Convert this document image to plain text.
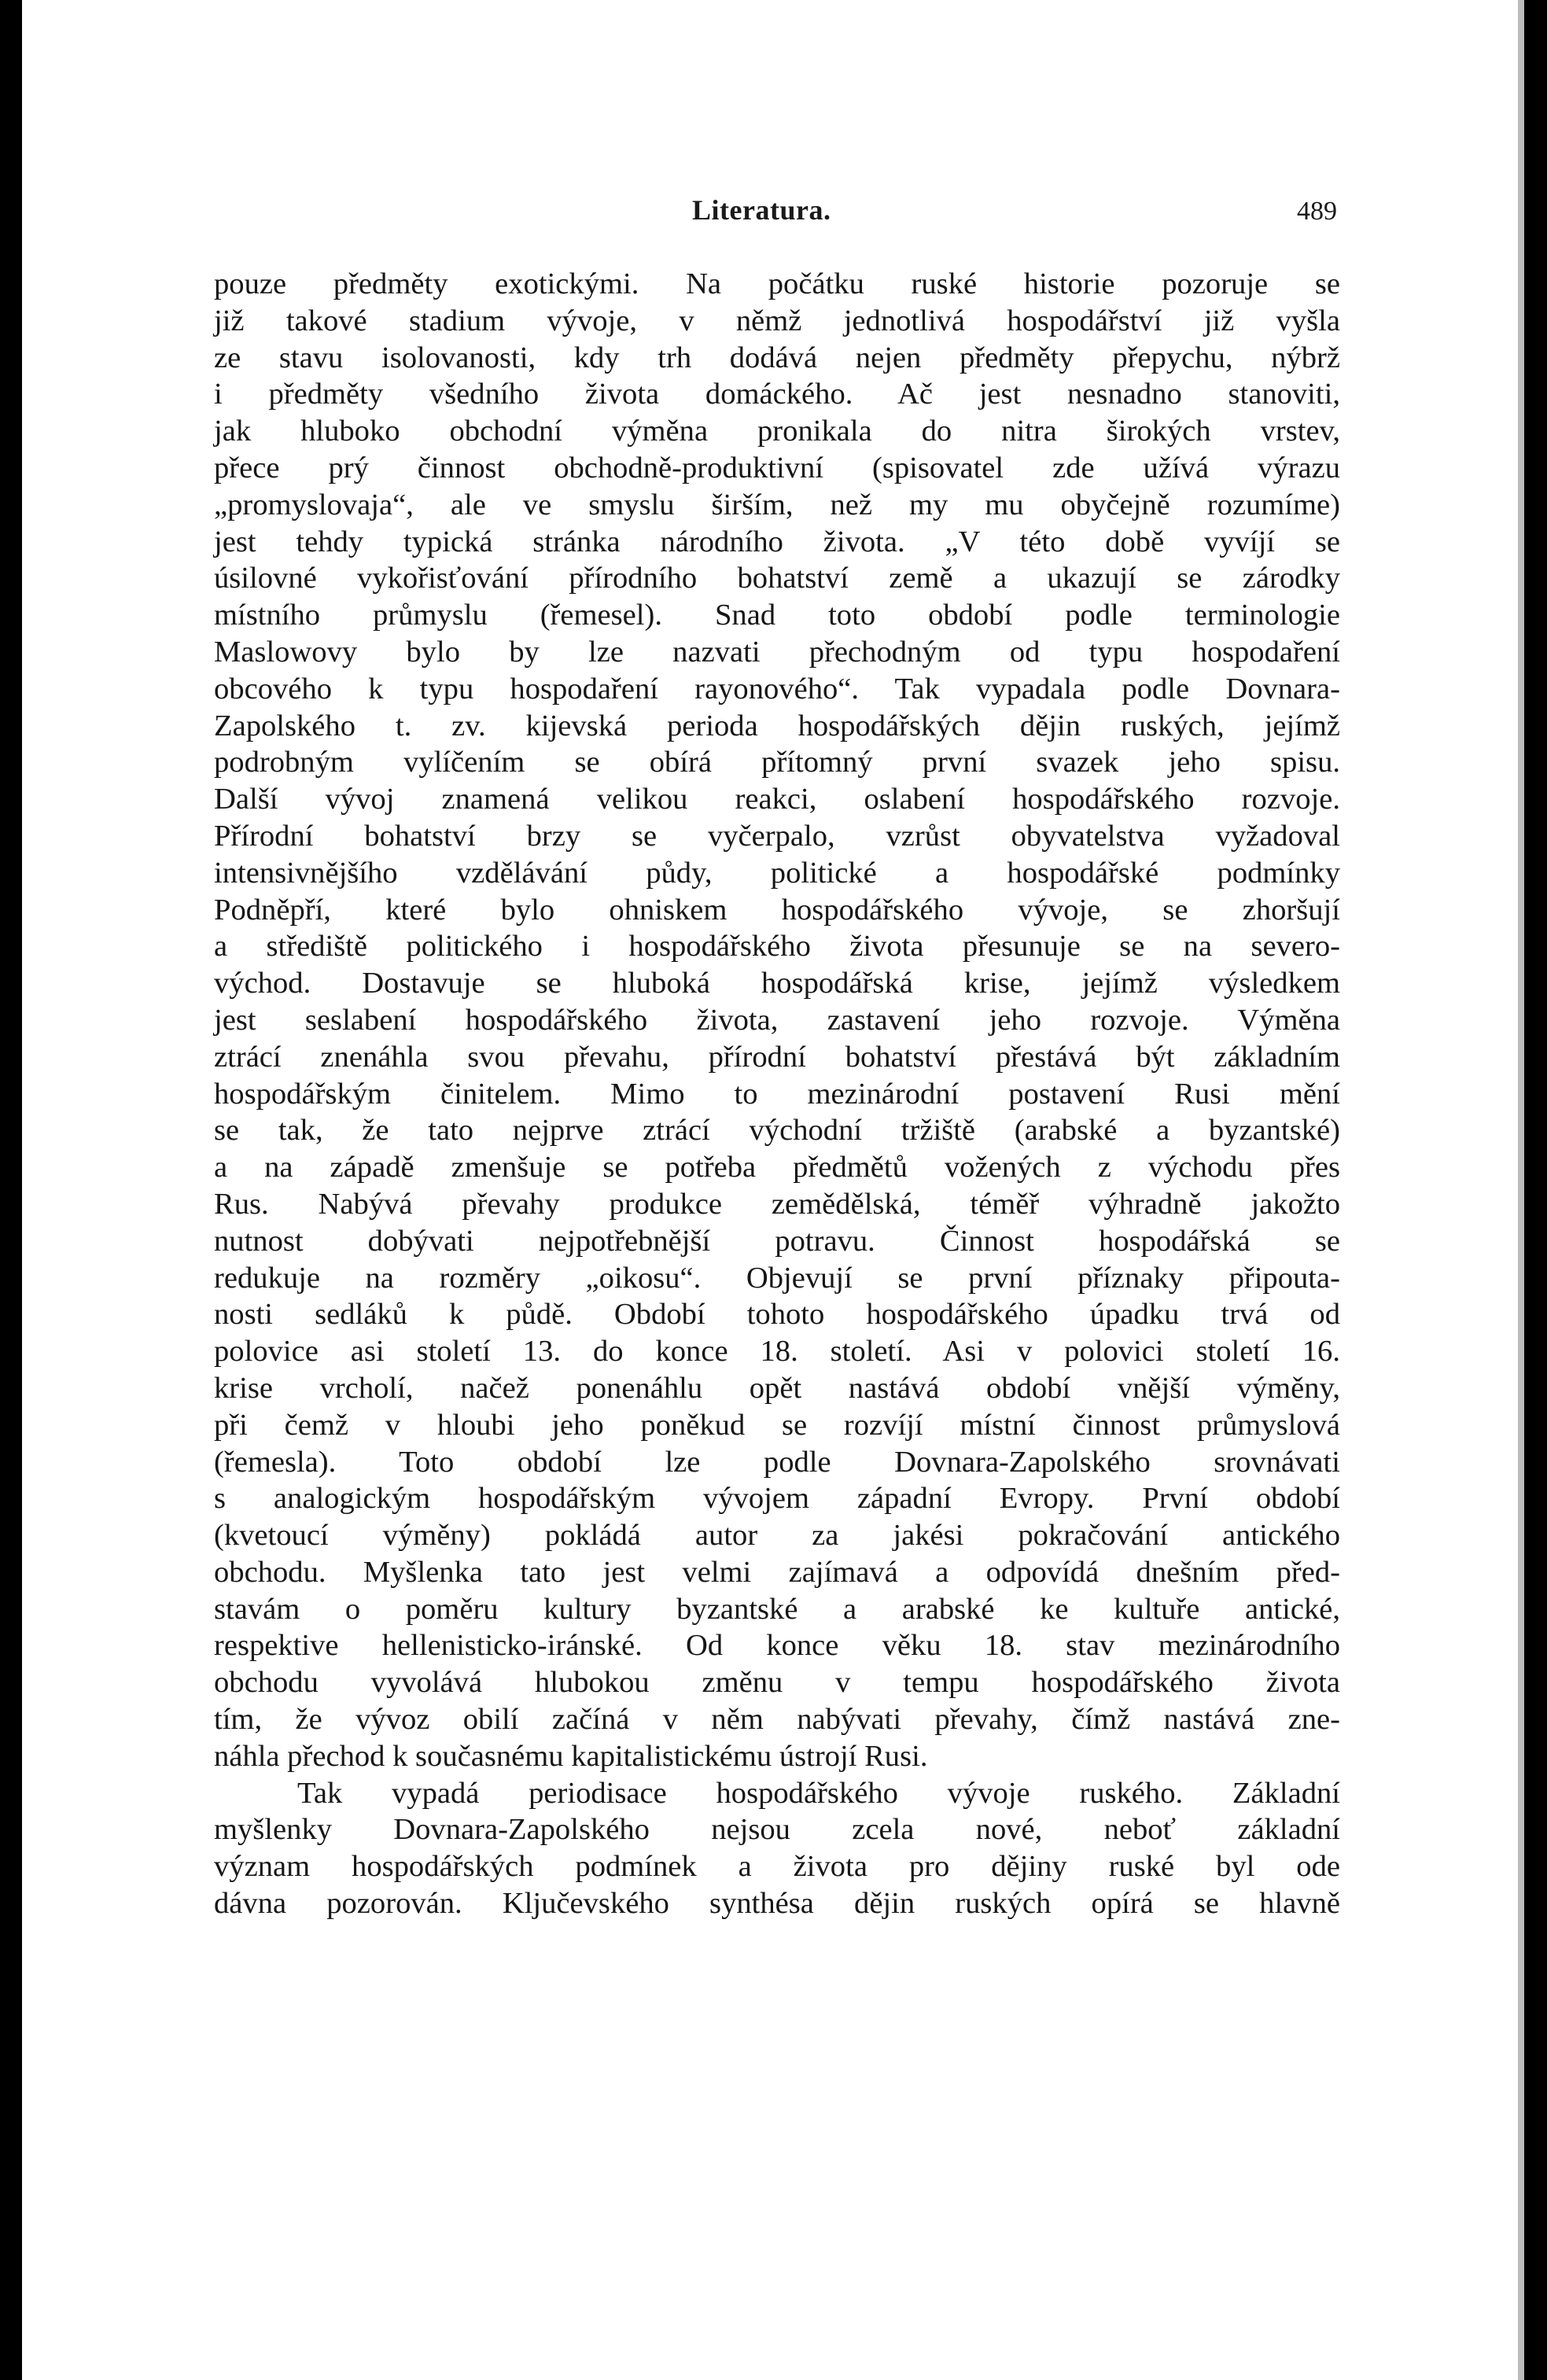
Literatura.	489
pouze předměty exotickými. Na počátku ruské historie pozoruje se
již takové stadium vývoje, v němž jednotlivá hospodářství již vyšla
ze stavu isolovanosti, kdy trh dodává nejen předměty přepychu, nýbrž
i předměty všedního života domáckého. Ač jest nesnadno stanoviti,
jak hluboko obchodní výměna pronikala do nitra širokých vrstev,
přece prý činnost obchodně-produktivní (spisovatel zde užívá výrazu
„promyslovaja“, ale ve smyslu širším, než my mu obyčejně rozumíme)
jest tehdy typická stránka národního života. „V této době vyvíjí se
úsilovné vykořisťování přírodního bohatství země a ukazují se zárodky
místního průmyslu (řemesel). Snad toto období podle terminologie
Maslowovy bylo by lze nazvati přechodným od typu hospodaření
obcového k typu hospodaření rayonového“. Tak vypadala podle Dovnara-
Zapolského t. zv. kijevská perioda hospodářských dějin ruských, jejímž
podrobným vylíčením se obírá přítomný první svazek jeho spisu.
Další vývoj znamená velikou reakci, oslabení hospodářského rozvoje.
Přírodní bohatství brzy se vyčerpalo, vzrůst obyvatelstva vyžadoval
intensivnějšího vzdělávání půdy, politické a hospodářské podmínky
Podněpří, které bylo ohniskem hospodářského vývoje, se zhoršují
a střediště politického i hospodářského života přesunuje se na severo-
východ. Dostavuje se hluboká hospodářská krise, jejímž výsledkem
jest seslabení hospodářského života, zastavení jeho rozvoje. Výměna
ztrácí znenáhla svou převahu, přírodní bohatství přestává být základním
hospodářským činitelem. Mimo to mezinárodní postavení Rusi mění
se tak, že tato nejprve ztrácí východní tržiště (arabské a byzantské)
a na západě zmenšuje se potřeba předmětů vožených z východu přes
Rus. Nabývá převahy produkce zemědělská, téměř výhradně jakožto
nutnost dobývati nejpotřebnější potravu. Činnost hospodářská se
redukuje na rozměry „oikosu“. Objevují se první příznaky připouta-
nosti sedláků k půdě. Období tohoto hospodářského úpadku trvá od
polovice asi století 13. do konce 18. století. Asi v polovici století 16.
krise vrcholí, načež ponenáhlu opět nastává období vnější výměny,
při čemž v hloubi jeho poněkud se rozvíjí místní činnost průmyslová
(řemesla). Toto období lze podle Dovnara-Zapolského srovnávati
s analogickým hospodářským vývojem západní Evropy. První období
(kvetoucí výměny) pokládá autor za jakési pokračování antického
obchodu. Myšlenka tato jest velmi zajímavá a odpovídá dnešním před-
stavám o poměru kultury byzantské a arabské ke kultuře antické,
respektive hellenisticko-iránské. Od konce věku 18. stav mezinárodního
obchodu vyvolává hlubokou změnu v tempu hospodářského života
tím, že vývoz obilí začíná v něm nabývati převahy, čímž nastává zne-
náhla přechod k současnému kapitalistickému ústrojí Rusi.
Tak vypadá periodisace hospodářského vývoje ruského. Základní
myšlenky Dovnara-Zapolského nejsou zcela nové, neboť základní
význam hospodářských podmínek a života pro dějiny ruské byl ode
dávna pozorován. Ključevského synthésa dějin ruských opírá se hlavně
